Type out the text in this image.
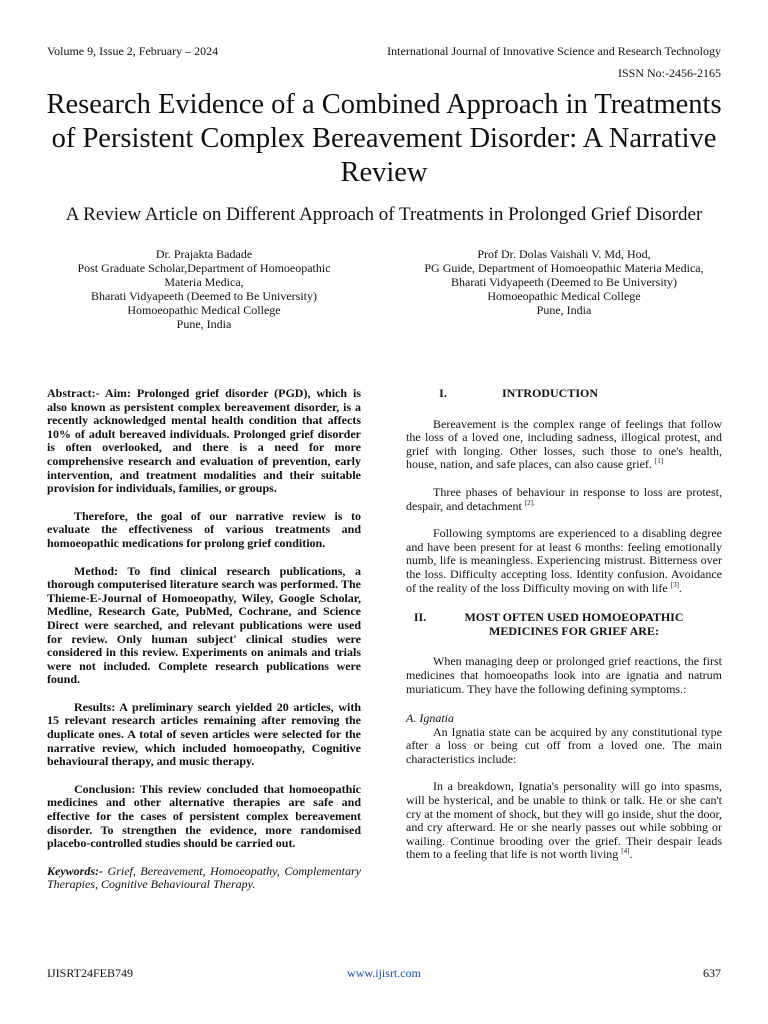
Volume 9, Issue 2, February – 2024	International Journal of Innovative Science and Research Technology
ISSN No:-2456-2165
Research Evidence of a Combined Approach in Treatments of Persistent Complex Bereavement Disorder: A Narrative Review
A Review Article on Different Approach of Treatments in Prolonged Grief Disorder
Dr. Prajakta Badade
Post Graduate Scholar,Department of Homoeopathic
Materia Medica,
Bharati Vidyapeeth (Deemed to Be University)
Homoeopathic Medical College
Pune, India
Prof Dr. Dolas Vaishali V. Md, Hod,
PG Guide, Department of Homoeopathic Materia Medica,
Bharati Vidyapeeth (Deemed to Be University)
Homoeopathic Medical College
Pune, India

Abstract:- Aim: Prolonged grief disorder (PGD), which is also known as persistent complex bereavement disorder, is a recently acknowledged mental health condition that affects 10% of adult bereaved individuals. Prolonged grief disorder is often overlooked, and there is a need for more comprehensive research and evaluation of prevention, early intervention, and treatment modalities and their suitable provision for individuals, families, or groups.

Therefore, the goal of our narrative review is to evaluate the effectiveness of various treatments and homoeopathic medications for prolong grief condition.

Method: To find clinical research publications, a thorough computerised literature search was performed. The Thieme-E-Journal of Homoeopathy, Wiley, Google Scholar, Medline, Research Gate, PubMed, Cochrane, and Science Direct were searched, and relevant publications were used for review. Only human subject' clinical studies were considered in this review. Experiments on animals and trials were not included. Complete research publications were found.

Results: A preliminary search yielded 20 articles, with 15 relevant research articles remaining after removing the duplicate ones. A total of seven articles were selected for the narrative review, which included homoeopathy, Cognitive behavioural therapy, and music therapy.

Conclusion: This review concluded that homoeopathic medicines and other alternative therapies are safe and effective for the cases of persistent complex bereavement disorder. To strengthen the evidence, more randomised placebo-controlled studies should be carried out.

Keywords:- Grief, Bereavement, Homoeopathy, Complementary Therapies, Cognitive Behavioural Therapy.

I.	INTRODUCTION

Bereavement is the complex range of feelings that follow the loss of a loved one, including sadness, illogical protest, and grief with longing. Other losses, such those to one's health, house, nation, and safe places, can also cause grief. [1]

Three phases of behaviour in response to loss are protest, despair, and detachment $^{[2].}$

Following symptoms are experienced to a disabling degree and have been present for at least 6 months: feeling emotionally numb, life is meaningless. Experiencing mistrust. Bitterness over the loss. Difficulty accepting loss. Identity confusion. Avoidance of the reality of the loss Difficulty moving on with life [3].

II.	MOST OFTEN USED HOMOEOPATHIC MEDICINES FOR GRIEF ARE:

When managing deep or prolonged grief reactions, the first medicines that homoeopaths look into are ignatia and natrum muriaticum. They have the following defining symptoms.:

A. Ignatia

An Ignatia state can be acquired by any constitutional type after a loss or being cut off from a loved one. The main characteristics include:

In a breakdown, Ignatia's personality will go into spasms, will be hysterical, and be unable to think or talk. He or she can't cry at the moment of shock, but they will go inside, shut the door, and cry afterward. He or she nearly passes out while sobbing or wailing. Continue brooding over the grief. Their despair leads them to a feeling that life is not worth living [4].

IJISRT24FEB749	www.ijisrt.com	637
